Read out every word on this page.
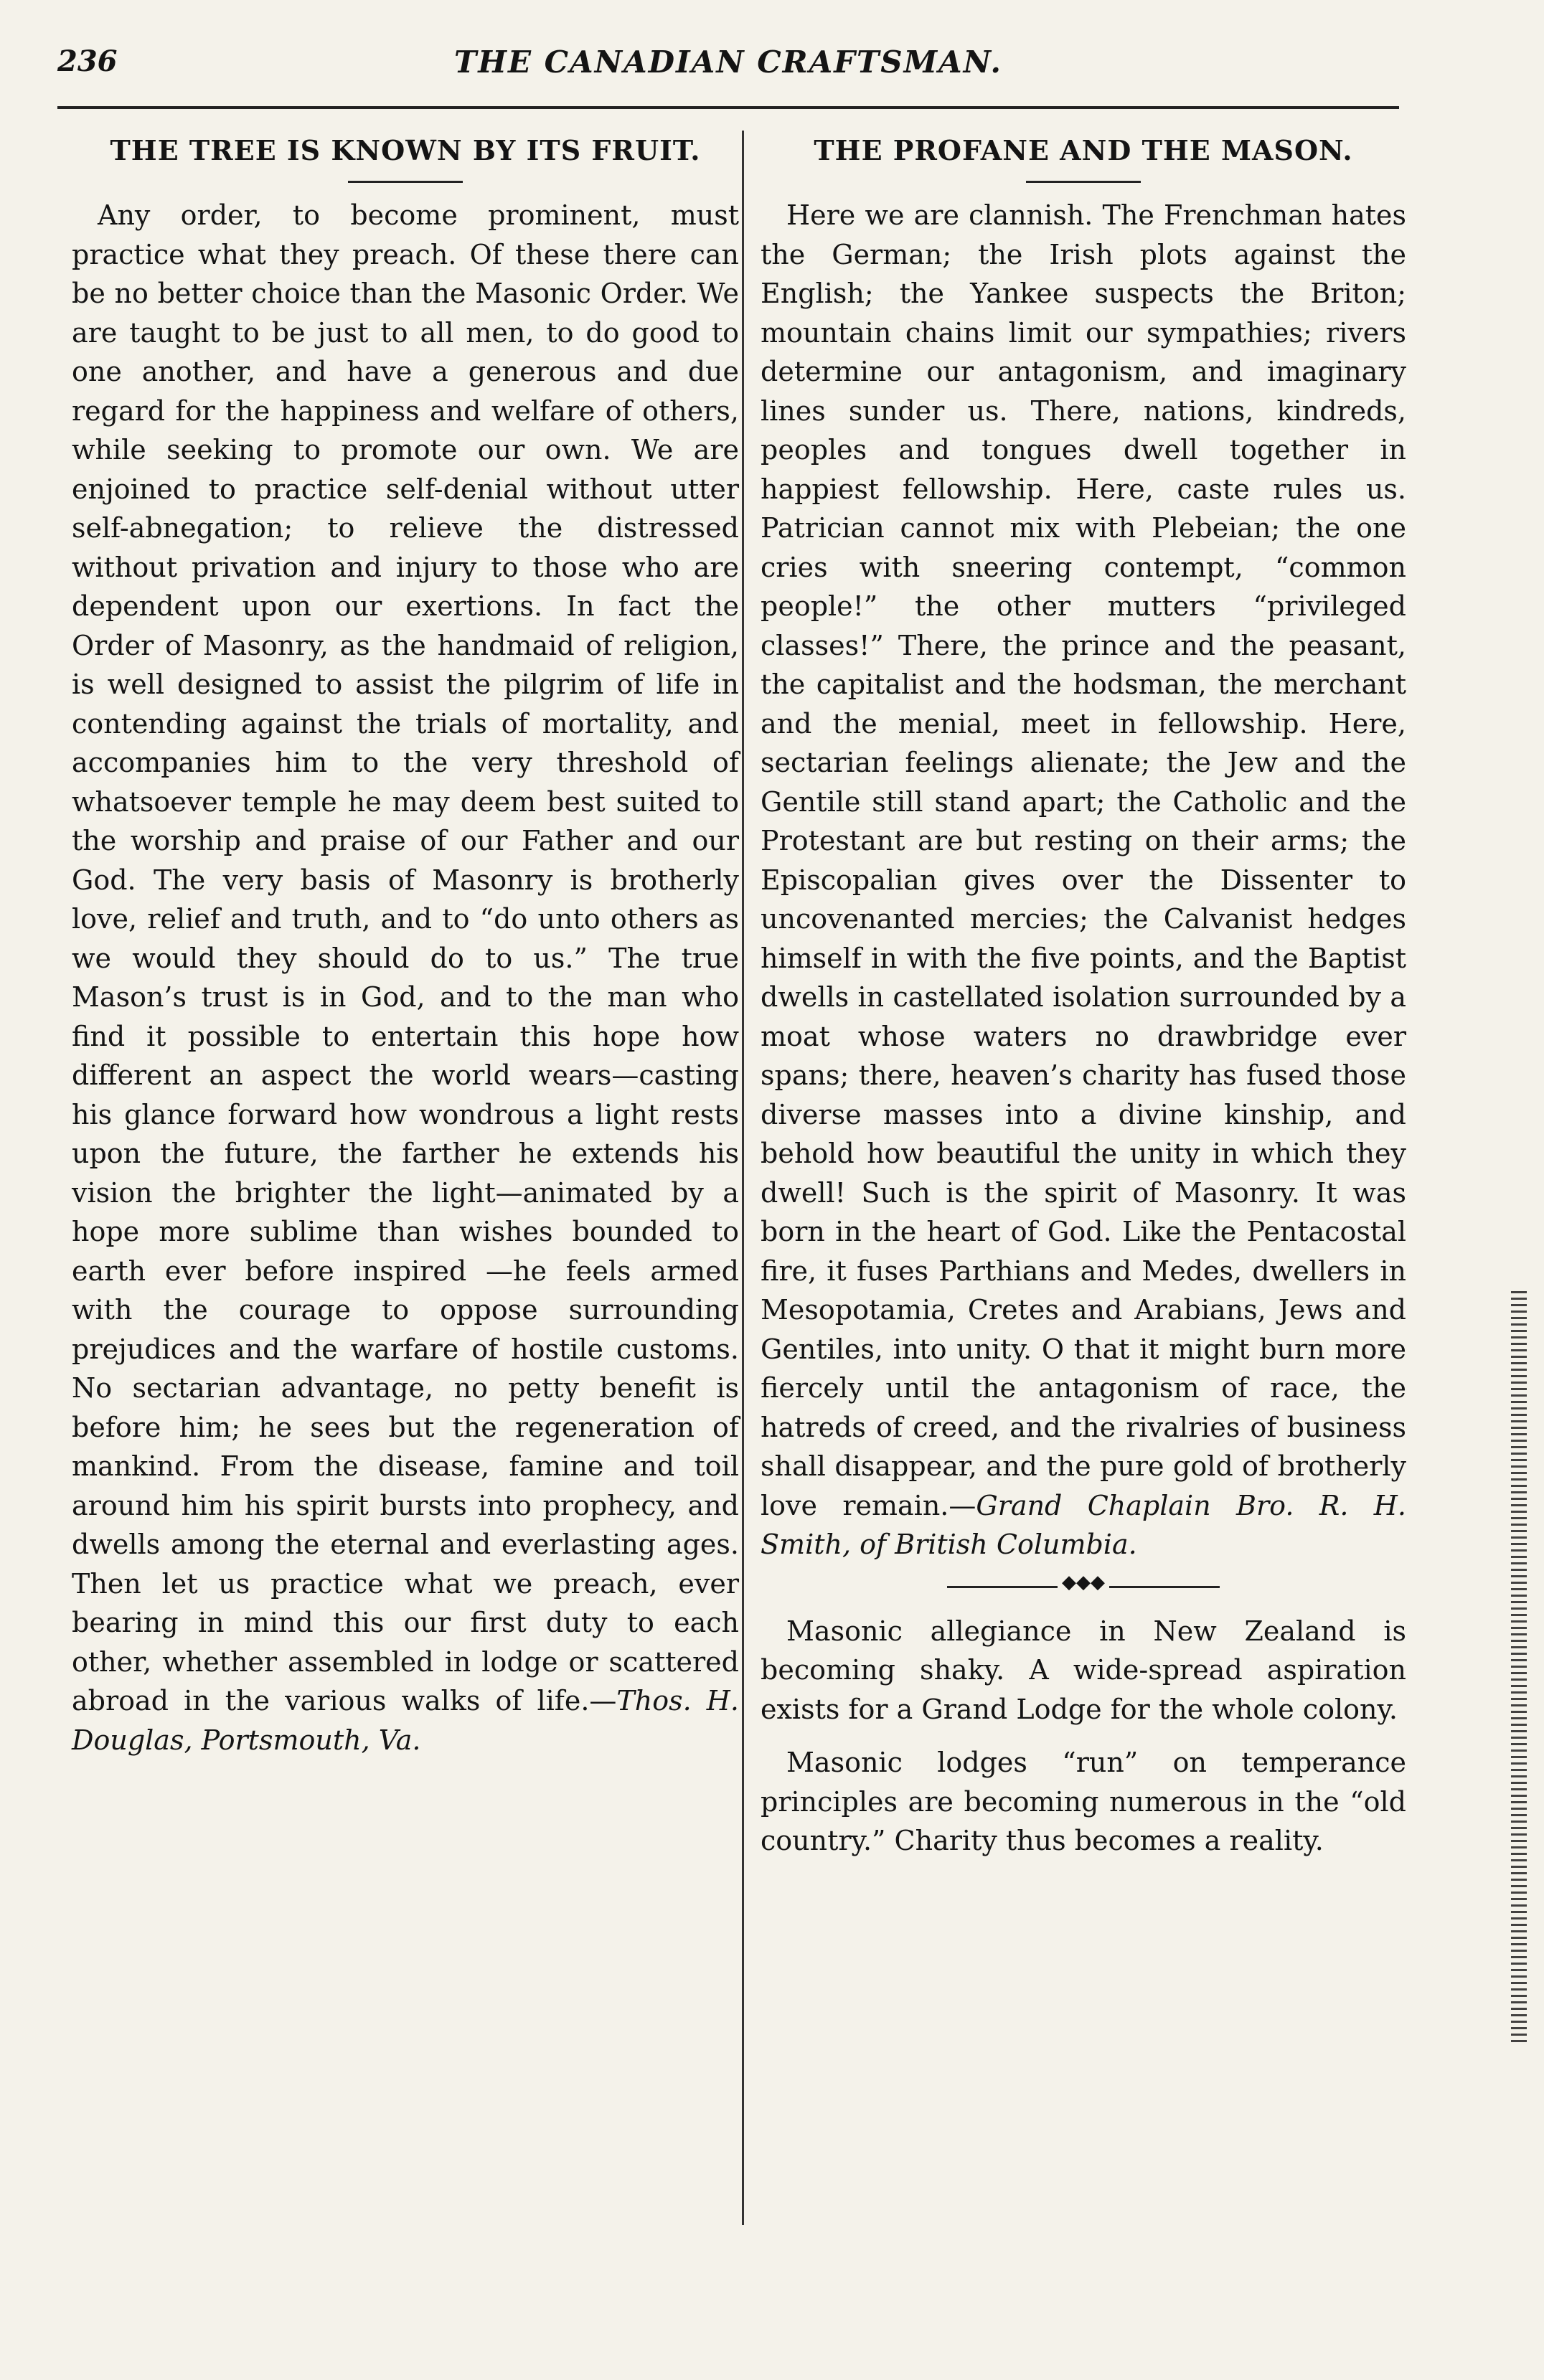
236	THE CANADIAN CRAFTSMAN.
THE TREE IS KNOWN BY ITS FRUIT.

Any order, to become prominent, must practice what they preach. Of these there can be no better choice than the Masonic Order. We are taught to be just to all men, to do good to one another, and have a generous and due regard for the happiness and welfare of others, while seeking to promote our own. We are enjoined to practice self-denial without utter self-abnegation; to relieve the distressed without privation and injury to those who are dependent upon our exertions. In fact the Order of Masonry, as the handmaid of religion, is well designed to assist the pilgrim of life in contending against the trials of mortality, and accompanies him to the very threshold of whatsoever temple he may deem best suited to the worship and praise of our Father and our God. The very basis of Masonry is brotherly love, relief and truth, and to “do unto others as we would they should do to us.” The true Mason’s trust is in God, and to the man who find it possible to entertain this hope how different an aspect the world wears—casting his glance forward how wondrous a light rests upon the future, the farther he extends his vision the brighter the light—animated by a hope more sublime than wishes bounded to earth ever before inspired —he feels armed with the courage to oppose surrounding prejudices and the warfare of hostile customs. No sectarian advantage, no petty benefit is before him; he sees but the regeneration of mankind. From the disease, famine and toil around him his spirit bursts into prophecy, and dwells among the eternal and everlasting ages. Then let us practice what we preach, ever bearing in mind this our first duty to each other, whether assembled in lodge or scattered abroad in the various walks of life.—Thos. H. Douglas, Portsmouth, Va.

THE PROFANE AND THE MASON.

Here we are clannish. The Frenchman hates the German; the Irish plots against the English; the Yankee suspects the Briton; mountain chains limit our sympathies; rivers determine our antagonism, and imaginary lines sunder us. There, nations, kindreds, peoples and tongues dwell together in happiest fellowship. Here, caste rules us. Patrician cannot mix with Plebeian; the one cries with sneering contempt, “common people!” the other mutters “privileged classes!” There, the prince and the peasant, the capitalist and the hodsman, the merchant and the menial, meet in fellowship. Here, sectarian feelings alienate; the Jew and the Gentile still stand apart; the Catholic and the Protestant are but resting on their arms; the Episcopalian gives over the Dissenter to uncovenanted mercies; the Calvanist hedges himself in with the five points, and the Baptist dwells in castellated isolation surrounded by a moat whose waters no drawbridge ever spans; there, heaven’s charity has fused those diverse masses into a divine kinship, and behold how beautiful the unity in which they dwell! Such is the spirit of Masonry. It was born in the heart of God. Like the Pentacostal fire, it fuses Parthians and Medes, dwellers in Mesopotamia, Cretes and Arabians, Jews and Gentiles, into unity. O that it might burn more fiercely until the antagonism of race, the hatreds of creed, and the rivalries of business shall disappear, and the pure gold of brotherly love remain.—Grand Chaplain Bro. R. H. Smith, of British Columbia.

◆◆◆

Masonic allegiance in New Zealand is becoming shaky. A wide-spread aspiration exists for a Grand Lodge for the whole colony.

Masonic lodges “run” on temperance principles are becoming numerous in the “old country.” Charity thus becomes a reality.
